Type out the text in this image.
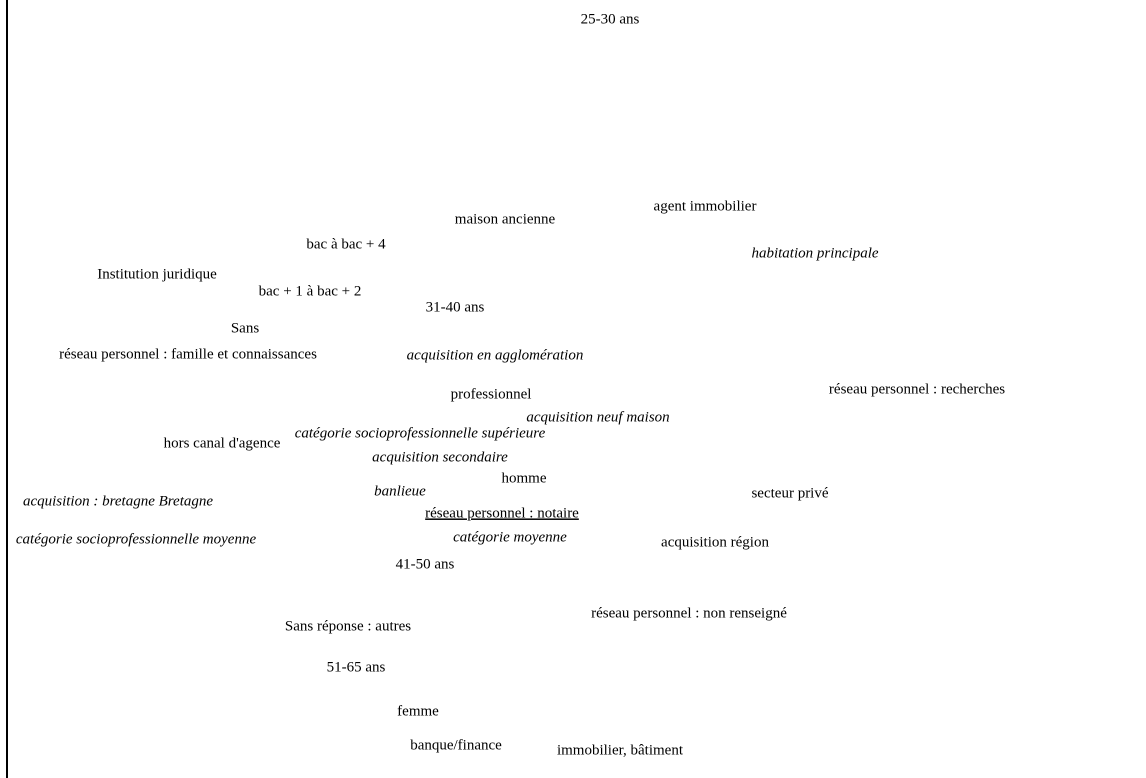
25-30 ans
agent immobilier
maison ancienne
habitation principale
bac à bac + 4
Institution juridique
bac + 1 à bac + 2
31-40 ans
Sans
réseau personnel : famille et connaissances	acquisition en agglomération
réseau personnel : recherches
professionnel
acquisition neuf maison
catégorie socioprofessionnelle supérieure
hors canal d'agence
acquisition secondaire
homme
banlieue	secteur privé
acquisition : bretagne Bretagne
réseau personnel : notaire
catégorie socioprofessionnelle moyenne	catégorie moyenne	acquisition région
41-50 ans
réseau personnel : non renseigné
Sans réponse : autres
51-65 ans
femme
banque/finance	immobilier, bâtiment
